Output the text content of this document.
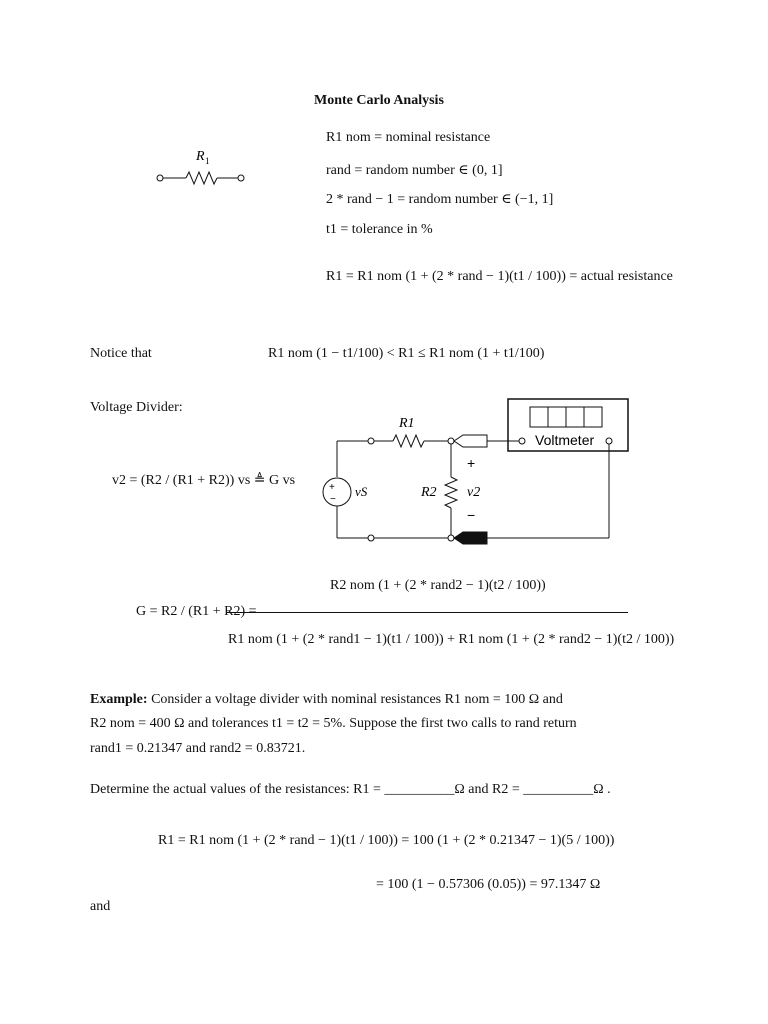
Monte Carlo Analysis
R 1
R1 nom = nominal resistance
rand = random number ∈ (0, 1]
2 * rand − 1 = random number ∈ (−1, 1]
t1 = tolerance in %
R1 = R1 nom (1 + (2 * rand − 1)(t1 / 100)) = actual resistance
Notice that	R1 nom (1 − t1/100) < R1 ≤ R1 nom (1 + t1/100)
Voltage Divider:
v2 = (R2 / (R1 + R2)) vs ≜ G vs
Voltmeter
R1
+
−
vS	R2
+
v2
−
G = R2 / (R1 + R2) =
R2 nom (1 + (2 * rand2 − 1)(t2 / 100))
R1 nom (1 + (2 * rand1 − 1)(t1 / 100)) + R1 nom (1 + (2 * rand2 − 1)(t2 / 100))
Example: Consider a voltage divider with nominal resistances R1 nom = 100 Ω and
R2 nom = 400 Ω and tolerances t1 = t2 = 5%. Suppose the first two calls to rand return
rand1 = 0.21347 and rand2 = 0.83721.
Determine the actual values of the resistances: R1 = __________Ω and R2 = __________Ω .
R1 = R1 nom (1 + (2 * rand − 1)(t1 / 100)) = 100 (1 + (2 * 0.21347 − 1)(5 / 100))
= 100 (1 − 0.57306 (0.05)) = 97.1347 Ω
and
